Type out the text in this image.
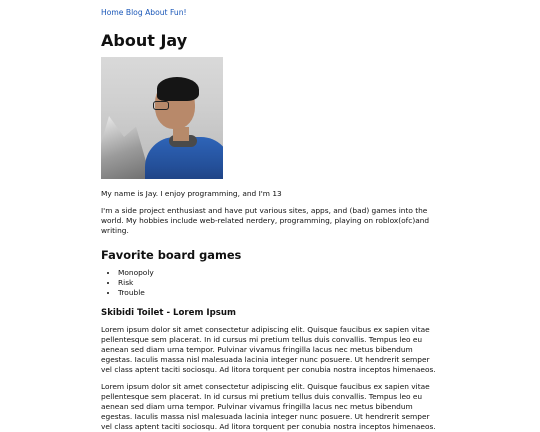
Home Blog About Fun!
About Jay

My name is Jay. I enjoy programming, and I'm 13

I'm a side project enthusiast and have put various sites, apps, and (bad) games into the world. My hobbies include web-related nerdery, programming, playing on roblox(ofc)and writing.

Favorite board games
• Monopoly
• Risk
• Trouble
Skibidi Toilet - Lorem Ipsum

Lorem ipsum dolor sit amet consectetur adipiscing elit. Quisque faucibus ex sapien vitae pellentesque sem placerat. In id cursus mi pretium tellus duis convallis. Tempus leo eu aenean sed diam urna tempor. Pulvinar vivamus fringilla lacus nec metus bibendum egestas. Iaculis massa nisl malesuada lacinia integer nunc posuere. Ut hendrerit semper vel class aptent taciti sociosqu. Ad litora torquent per conubia nostra inceptos himenaeos.

Lorem ipsum dolor sit amet consectetur adipiscing elit. Quisque faucibus ex sapien vitae pellentesque sem placerat. In id cursus mi pretium tellus duis convallis. Tempus leo eu aenean sed diam urna tempor. Pulvinar vivamus fringilla lacus nec metus bibendum egestas. Iaculis massa nisl malesuada lacinia integer nunc posuere. Ut hendrerit semper vel class aptent taciti sociosqu. Ad litora torquent per conubia nostra inceptos himenaeos.
